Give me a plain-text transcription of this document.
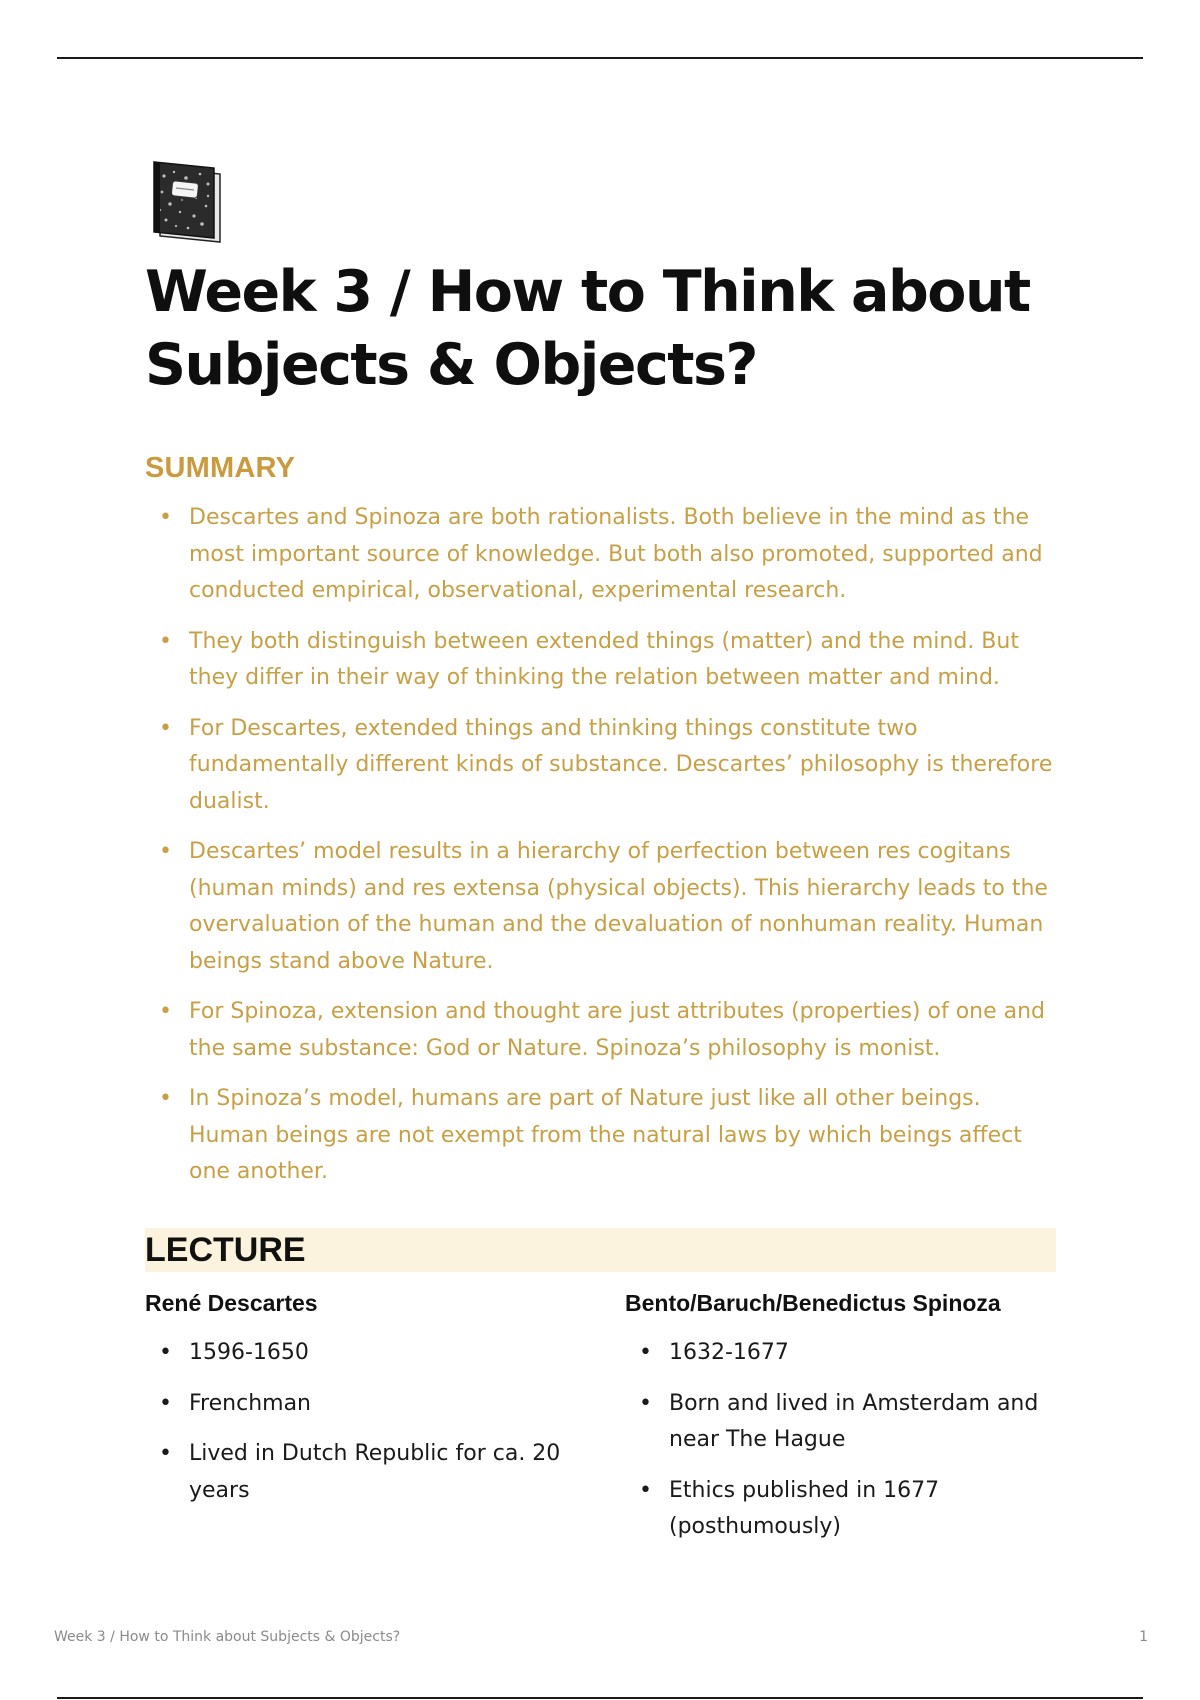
Week 3 / How to Think about Subjects & Objects?
SUMMARY
• Descartes and Spinoza are both rationalists. Both believe in the mind as the most important source of knowledge. But both also promoted, supported and conducted empirical, observational, experimental research.
• They both distinguish between extended things (matter) and the mind. But they differ in their way of thinking the relation between matter and mind.
• For Descartes, extended things and thinking things constitute two fundamentally different kinds of substance. Descartes’ philosophy is therefore dualist.
• Descartes’ model results in a hierarchy of perfection between res cogitans (human minds) and res extensa (physical objects). This hierarchy leads to the overvaluation of the human and the devaluation of nonhuman reality. Human beings stand above Nature.
• For Spinoza, extension and thought are just attributes (properties) of one and the same substance: God or Nature. Spinoza’s philosophy is monist.
• In Spinoza’s model, humans are part of Nature just like all other beings. Human beings are not exempt from the natural laws by which beings affect one another.
LECTURE
René Descartes
• 1596-1650
• Frenchman
• Lived in Dutch Republic for ca. 20 years
Bento/Baruch/Benedictus Spinoza
• 1632-1677
• Born and lived in Amsterdam and near The Hague
• Ethics published in 1677 (posthumously)
Week 3 / How to Think about Subjects & Objects?	1
